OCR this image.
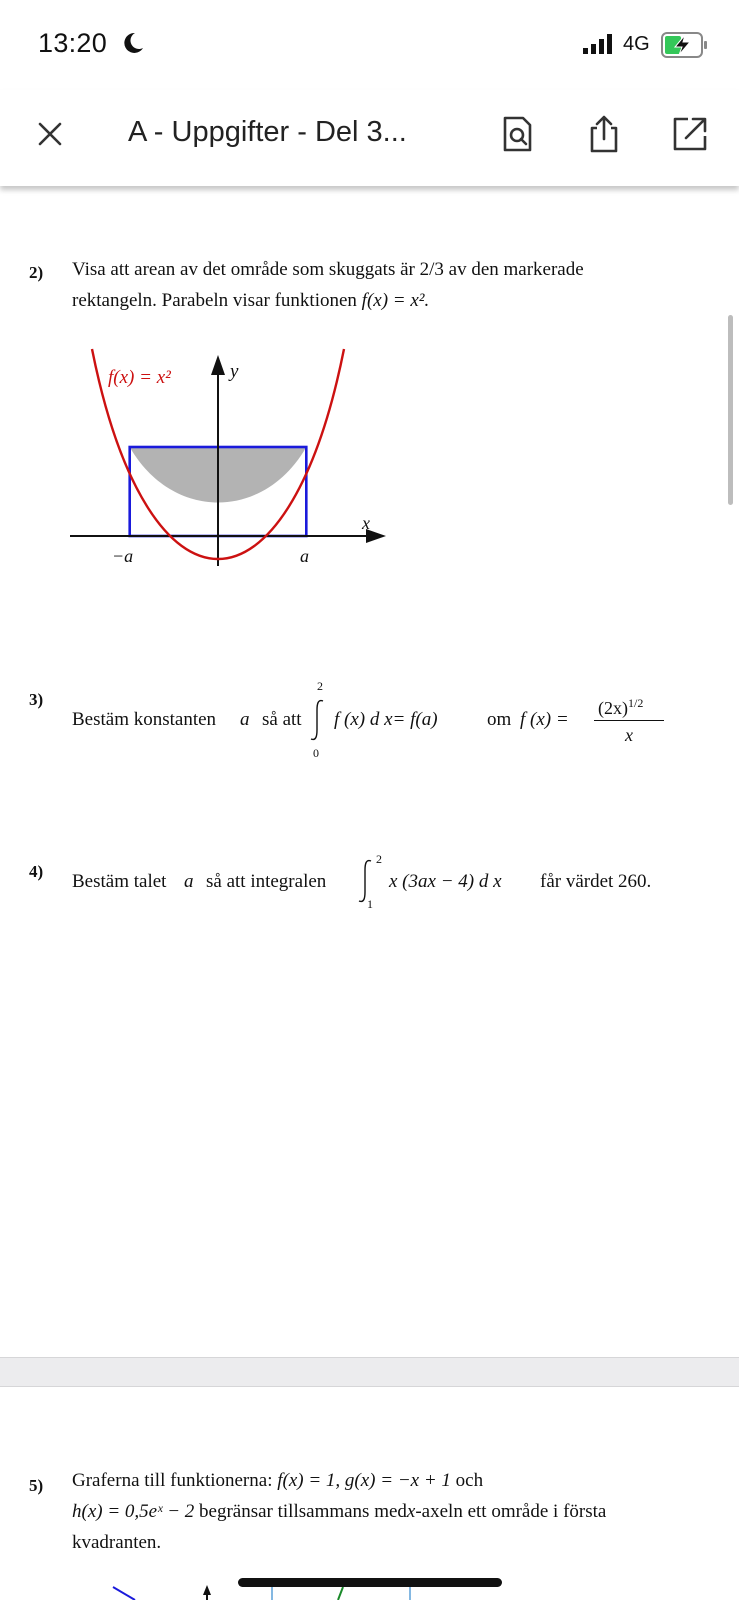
13:20	4G
A - Uppgifter - Del 3...
2) Visa att arean av det område som skuggats är 2/3 av den markerade
rektangeln. Parabeln visar funktionen f(x) = x².
f(x) = x²	y
x
−a	a
3)
Bestäm konstanten a så att
2
0
f (x) d x= f(a)	om f (x) =
$(2x)^{1/2}$
x
4) Bestäm talet a så att integralen
2
1
x (3ax − 4) d x får värdet 260.
5) Graferna till funktionerna: f(x) = 1, g(x) = −x + 1 och
h(x) = 0,5eˣ − 2 begränsar tillsammans medx-axeln ett område i första
kvadranten.
